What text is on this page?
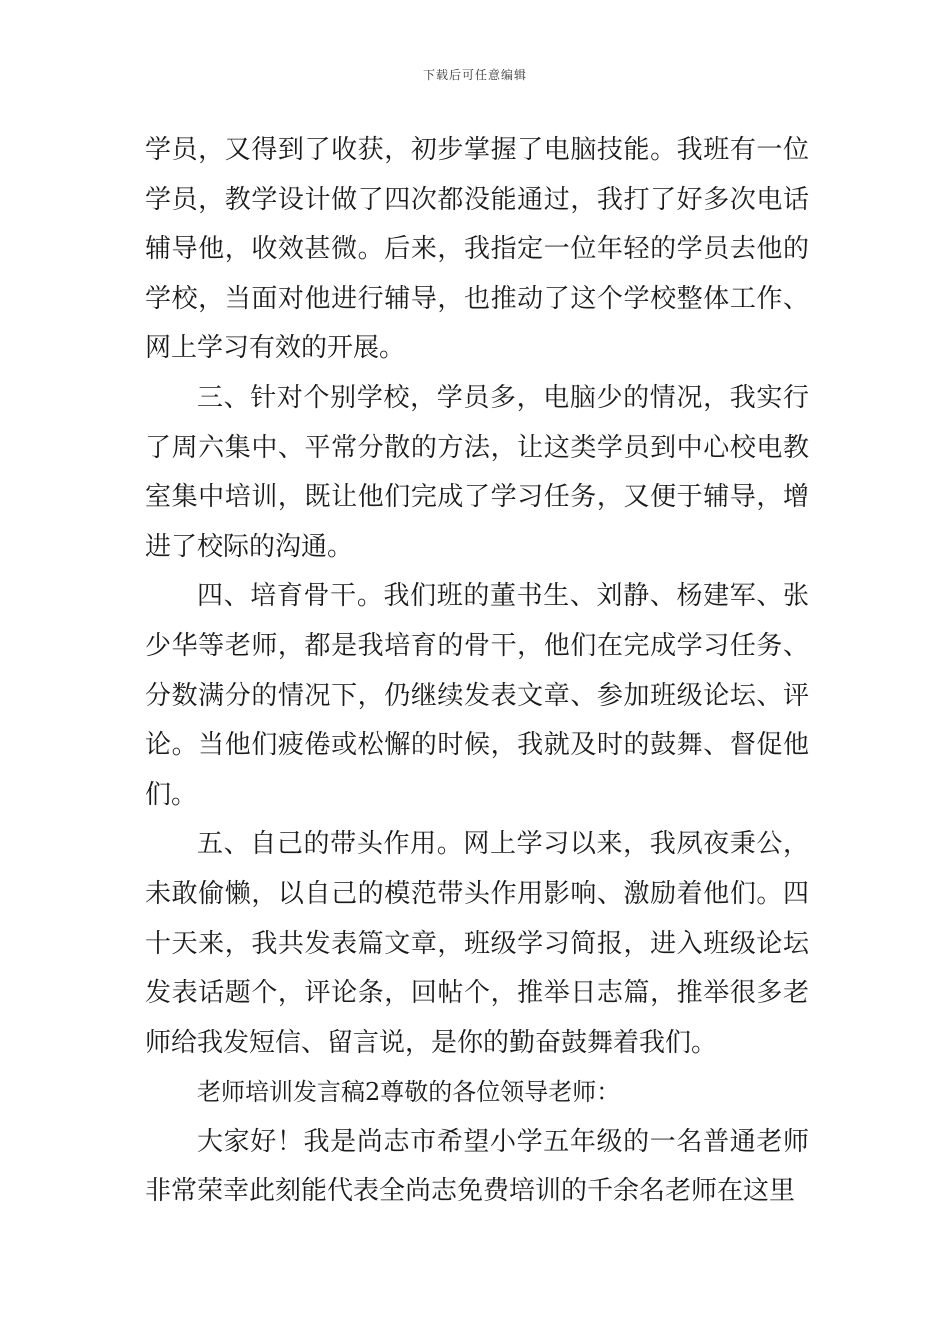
下载后可任意编辑

学员，又得到了收获，初步掌握了电脑技能。我班有一位学员，教学设计做了四次都没能通过，我打了好多次电话辅导他，收效甚微。后来，我指定一位年轻的学员去他的学校，当面对他进行辅导，也推动了这个学校整体工作、网上学习有效的开展。

三、针对个别学校，学员多，电脑少的情况，我实行了周六集中、平常分散的方法，让这类学员到中心校电教室集中培训，既让他们完成了学习任务，又便于辅导，增进了校际的沟通。

四、培育骨干。我们班的董书生、刘静、杨建军、张少华等老师，都是我培育的骨干，他们在完成学习任务、分数满分的情况下，仍继续发表文章、参加班级论坛、评论。当他们疲倦或松懈的时候，我就及时的鼓舞、督促他们。

五、自己的带头作用。网上学习以来，我夙夜秉公，未敢偷懒，以自己的模范带头作用影响、激励着他们。四十天来，我共发表篇文章，班级学习简报，进入班级论坛发表话题个，评论条，回帖个，推举日志篇，推举很多老师给我发短信、留言说，是你的勤奋鼓舞着我们。

老师培训发言稿2尊敬的各位领导老师：

大家好！我是尚志市希望小学五年级的一名普通老师非常荣幸此刻能代表全尚志免费培训的千余名老师在这里
